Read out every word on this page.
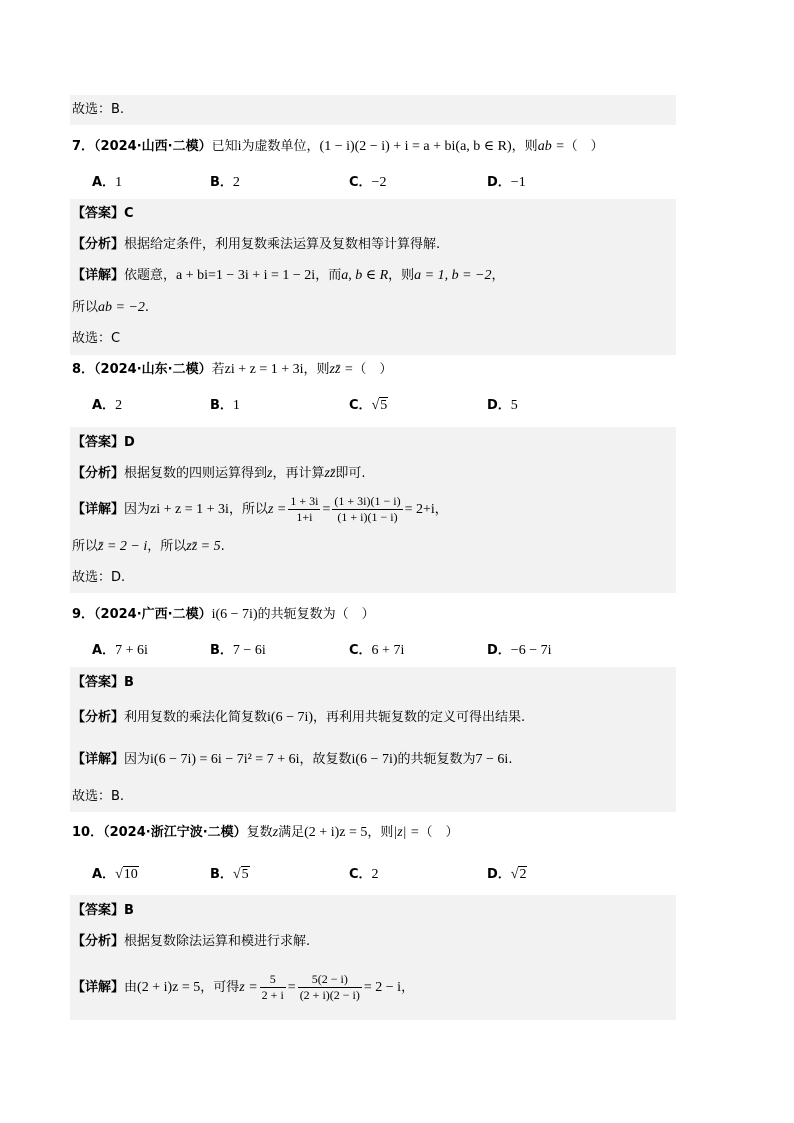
故选：B.
7．（2024·山西·二模）已知i为虚数单位，(1 − i)(2 − i) + i = a + bi(a, b ∈ R)，则ab =（　）
A．1	B．2	C．−2	D．−1
【答案】C
【分析】根据给定条件，利用复数乘法运算及复数相等计算得解.
【详解】依题意，a + bi=1 − 3i + i = 1 − 2i，而a, b ∈ R，则a = 1, b = −2，
所以ab = −2.
故选：C
8．（2024·山东·二模）若zi + z = 1 + 3i，则zz̄ =（　）
A．2	B．1	C．√5	D．5
【答案】D
【分析】根据复数的四则运算得到z，再计算zz̄即可.
【详解】因为zi + z = 1 + 3i，所以$z = \frac{1 + 3i}{1+i} = \frac{(1 + 3i)(1 - i)}{(1 + i)(1 - i)} = 2+i$，
所以z̄ = 2 − i，所以zz̄ = 5.
故选：D.
9．（2024·广西·二模）i(6 − 7i)的共轭复数为（　）
A．7 + 6i	B．7 − 6i	C．6 + 7i	D．−6 − 7i
【答案】B
【分析】利用复数的乘法化简复数i(6 − 7i)，再利用共轭复数的定义可得出结果.
【详解】因为i(6 − 7i) = 6i − 7i² = 7 + 6i，故复数i(6 − 7i)的共轭复数为7 − 6i.
故选：B.
10．（2024·浙江宁波·二模）复数z满足(2 + i)z = 5，则|z| =（　）
A．√10	B．√5	C．2	D．√2
【答案】B
【分析】根据复数除法运算和模进行求解.
【详解】由(2 + i)z = 5，可得$z = \frac{5}{2 + i} = \frac{5(2 - i)}{(2 + i)(2 - i)} = 2 - i$，
